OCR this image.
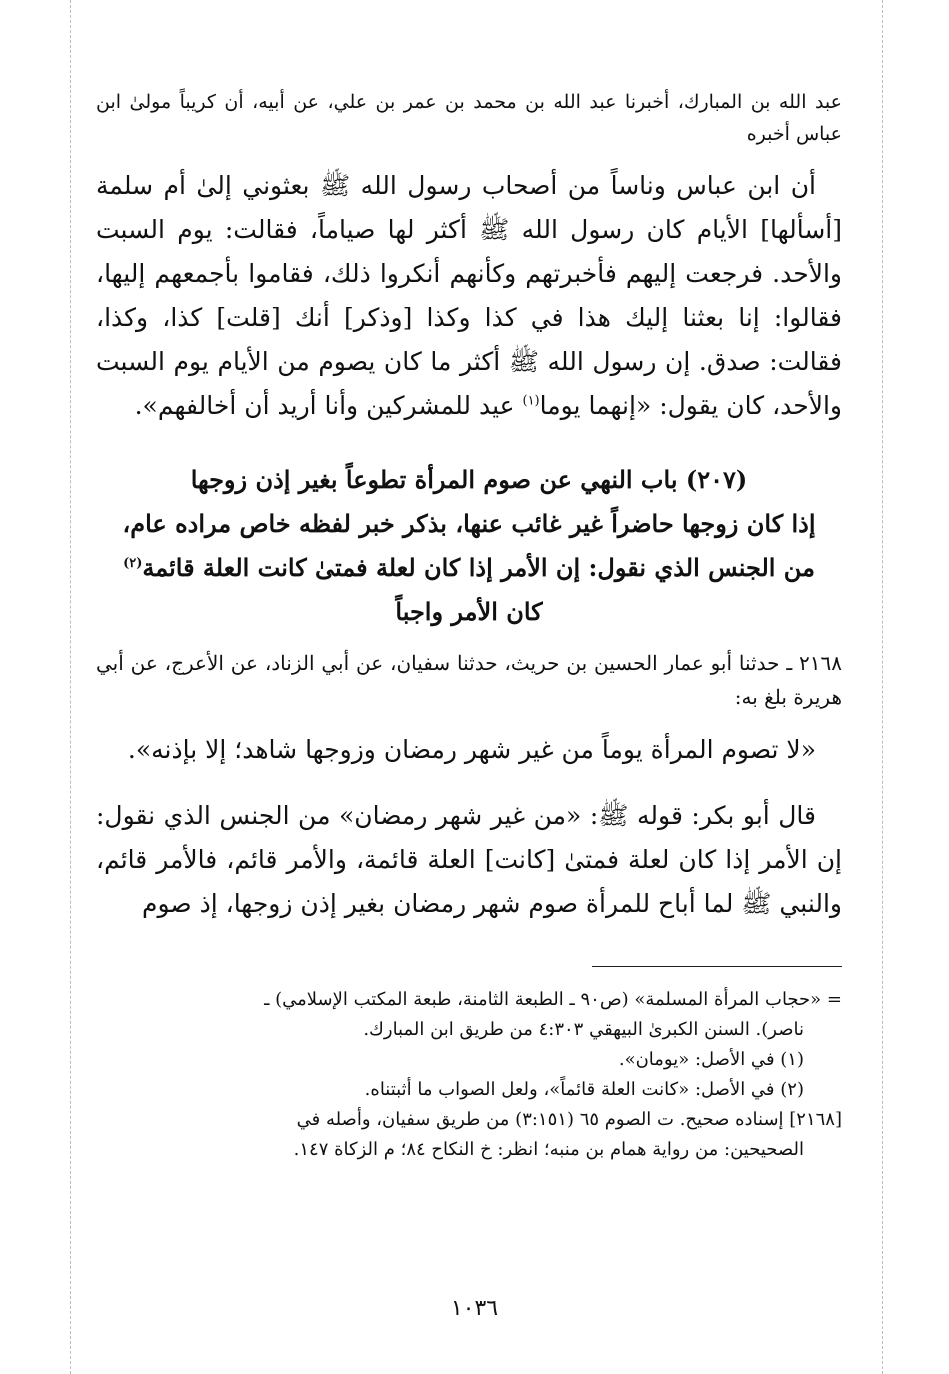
عبد الله بن المبارك، أخبرنا عبد الله بن محمد بن عمر بن علي، عن أبيه، أن كريباً مولىٰ ابن عباس أخبره

أن ابن عباس وناساً من أصحاب رسول الله ﷺ بعثوني إلىٰ أم سلمة [أسألها] الأيام كان رسول الله ﷺ أكثر لها صياماً، فقالت: يوم السبت والأحد. فرجعت إليهم فأخبرتهم وكأنهم أنكروا ذلك، فقاموا بأجمعهم إليها، فقالوا: إنا بعثنا إليك هذا في كذا وكذا [وذكر] أنك [قلت] كذا، وكذا، فقالت: صدق. إن رسول الله ﷺ أكثر ما كان يصوم من الأيام يوم السبت والأحد، كان يقول: «إنهما يوما$^{(١)}$ عيد للمشركين وأنا أريد أن أخالفهم».

(٢٠٧) باب النهي عن صوم المرأة تطوعاً بغير إذن زوجها
إذا كان زوجها حاضراً غير غائب عنها، بذكر خبر لفظه خاص مراده عام،
من الجنس الذي نقول: إن الأمر إذا كان لعلة فمتىٰ كانت العلة قائمة$^{(٢)}$
كان الأمر واجباً

٢١٦٨ ـ حدثنا أبو عمار الحسين بن حريث، حدثنا سفيان، عن أبي الزناد، عن الأعرج، عن أبي هريرة بلغ به:

«لا تصوم المرأة يوماً من غير شهر رمضان وزوجها شاهد؛ إلا بإذنه».

قال أبو بكر: قوله ﷺ: «من غير شهر رمضان» من الجنس الذي نقول: إن الأمر إذا كان لعلة فمتىٰ [كانت] العلة قائمة، والأمر قائم، فالأمر قائم، والنبي ﷺ لما أباح للمرأة صوم شهر رمضان بغير إذن زوجها، إذ صوم

= «حجاب المرأة المسلمة» (ص٩٠ ـ الطبعة الثامنة، طبعة المكتب الإسلامي) ـ

ناصر). السنن الكبرىٰ البيهقي ٤:٣٠٣ من طريق ابن المبارك.

(١) في الأصل: «يومان».

(٢) في الأصل: «كانت العلة قائماً»، ولعل الصواب ما أثبتناه.

[٢١٦٨] إسناده صحيح. ت الصوم ٦٥ (٣:١٥١) من طريق سفيان، وأصله في

الصحيحين: من رواية همام بن منبه؛ انظر: خ النكاح ٨٤؛ م الزكاة ١٤٧.

١٠٣٦
